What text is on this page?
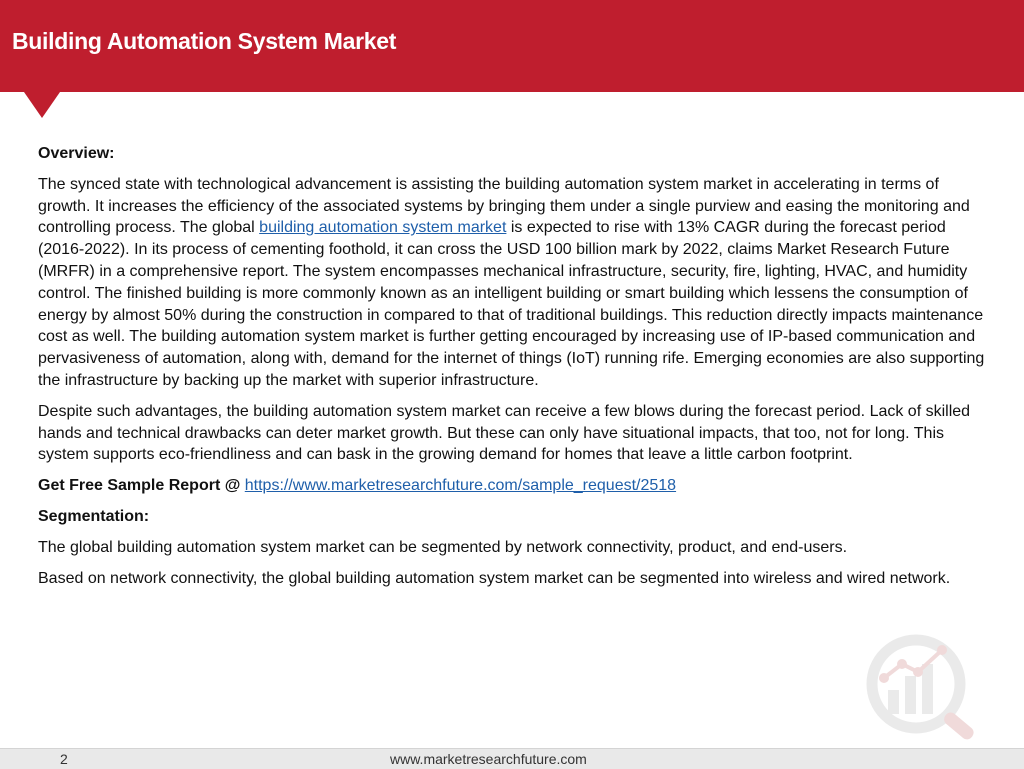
Building Automation System Market

Overview:

The synced state with technological advancement is assisting the building automation system market in accelerating in terms of growth. It increases the efficiency of the associated systems by bringing them under a single purview and easing the monitoring and controlling process. The global building automation system market is expected to rise with 13% CAGR during the forecast period (2016-2022). In its process of cementing foothold, it can cross the USD 100 billion mark by 2022, claims Market Research Future (MRFR) in a comprehensive report. The system encompasses mechanical infrastructure, security, fire, lighting, HVAC, and humidity control. The finished building is more commonly known as an intelligent building or smart building which lessens the consumption of energy by almost 50% during the construction in compared to that of traditional buildings. This reduction directly impacts maintenance cost as well. The building automation system market is further getting encouraged by increasing use of IP-based communication and pervasiveness of automation, along with, demand for the internet of things (IoT) running rife. Emerging economies are also supporting the infrastructure by backing up the market with superior infrastructure.

Despite such advantages, the building automation system market can receive a few blows during the forecast period. Lack of skilled hands and technical drawbacks can deter market growth. But these can only have situational impacts, that too, not for long. This system supports eco-friendliness and can bask in the growing demand for homes that leave a little carbon footprint.

Get Free Sample Report @ https://www.marketresearchfuture.com/sample_request/2518

Segmentation:

The global building automation system market can be segmented by network connectivity, product, and end-users.

Based on network connectivity, the global building automation system market can be segmented into wireless and wired network.

2	www.marketresearchfuture.com
